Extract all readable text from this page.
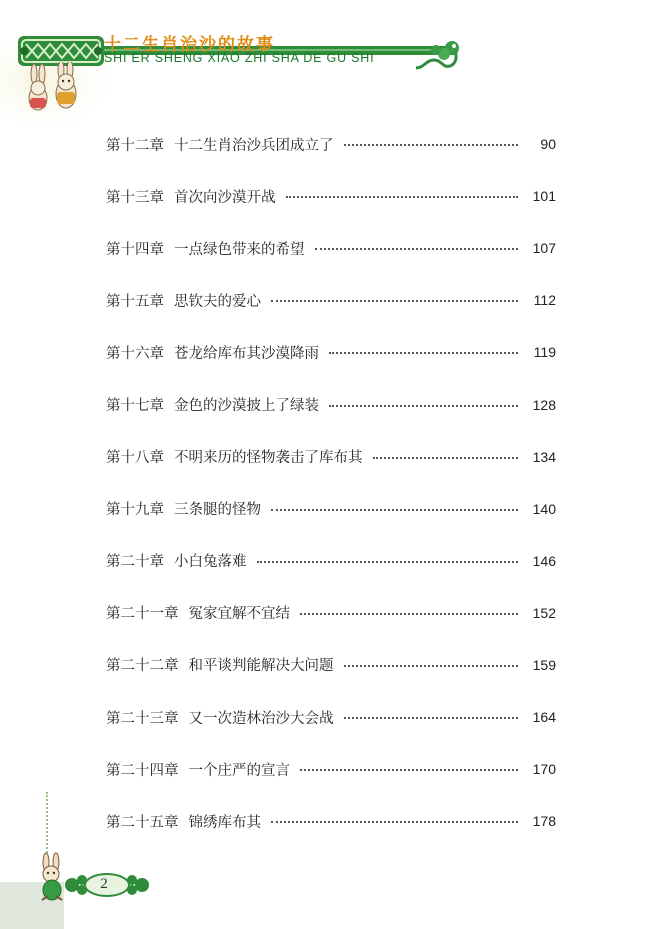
十二生肖治沙的故事
SHI ER SHENG XIAO ZHI SHA DE GU SHI
第十二章 十二生肖治沙兵团成立了	90
第十三章 首次向沙漠开战	101
第十四章 一点绿色带来的希望	107
第十五章 思钦夫的爱心	112
第十六章 苍龙给库布其沙漠降雨	119
第十七章 金色的沙漠披上了绿装	128
第十八章 不明来历的怪物袭击了库布其	134
第十九章 三条腿的怪物	140
第二十章 小白兔落难	146
第二十一章 冤家宜解不宜结	152
第二十二章 和平谈判能解决大问题	159
第二十三章 又一次造林治沙大会战	164
第二十四章 一个庄严的宣言	170
第二十五章 锦绣库布其	178
2
